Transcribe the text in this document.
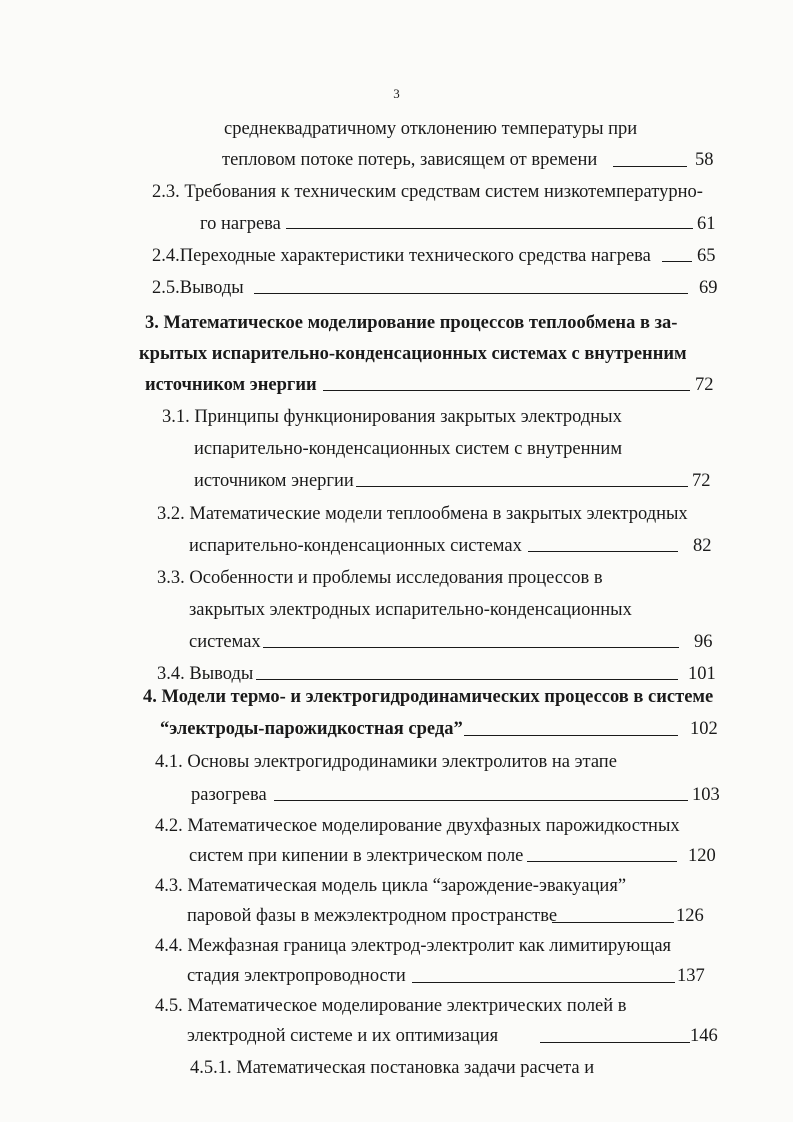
3
среднеквадратичному отклонению температуры при
тепловом потоке потерь, зависящем от времени	58
2.3. Требования к техническим средствам систем низкотемпературно-
го нагрева	61
2.4.Переходные характеристики технического средства нагрева 65
2.5.Выводы	69
3. Математическое моделирование процессов теплообмена в за-
крытых испарительно-конденсационных системах с внутренним
источником энергии	72
3.1. Принципы функционирования закрытых электродных
испарительно-конденсационных систем с внутренним
источником энергии	72
3.2. Математические модели теплообмена в закрытых электродных
испарительно-конденсационных системах	82
3.3. Особенности и проблемы исследования процессов в
закрытых электродных испарительно-конденсационных
системах	96
3.4. Выводы	101
4. Модели термо- и электрогидродинамических процессов в системе
“электроды-парожидкостная среда”	102
4.1. Основы электрогидродинамики электролитов на этапе
разогрева	103
4.2. Математическое моделирование двухфазных парожидкостных
систем при кипении в электрическом поле	120
4.3. Математическая модель цикла “зарождение-эвакуация”
паровой фазы в межэлектродном пространстве	126
4.4. Межфазная граница электрод-электролит как лимитирующая
стадия электропроводности	137
4.5. Математическое моделирование электрических полей в
электродной системе и их оптимизация	146
4.5.1. Математическая постановка задачи расчета и
